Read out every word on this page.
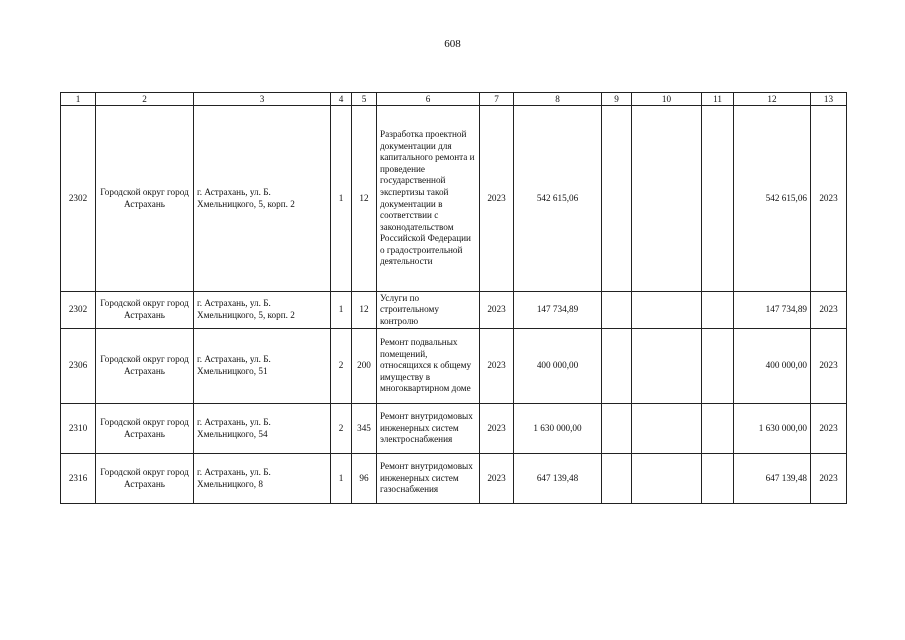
608
1	2	3	4	5	6	7	8	9	10	11	12	13
2302	Городской округ город Астрахань	г. Астрахань, ул. Б. Хмельницкого, 5, корп. 2	1	12	Разработка проектной документации для капитального ремонта и проведение государственной экспертизы такой документации в соответствии с законодательством Российской Федерации о градостроительной деятельности	2023	542 615,06				542 615,06	2023
2302	Городской округ город Астрахань	г. Астрахань, ул. Б. Хмельницкого, 5, корп. 2	1	12	Услуги по строительному контролю	2023	147 734,89				147 734,89	2023
2306	Городской округ город Астрахань	г. Астрахань, ул. Б. Хмельницкого, 51	2	200	Ремонт подвальных помещений, относящихся к общему имуществу в многоквартирном доме	2023	400 000,00				400 000,00	2023
2310	Городской округ город Астрахань	г. Астрахань, ул. Б. Хмельницкого, 54	2	345	Ремонт внутридомовых инженерных систем электроснабжения	2023	1 630 000,00				1 630 000,00	2023
2316	Городской округ город Астрахань	г. Астрахань, ул. Б. Хмельницкого, 8	1	96	Ремонт внутридомовых инженерных систем газоснабжения	2023	647 139,48				647 139,48	2023
